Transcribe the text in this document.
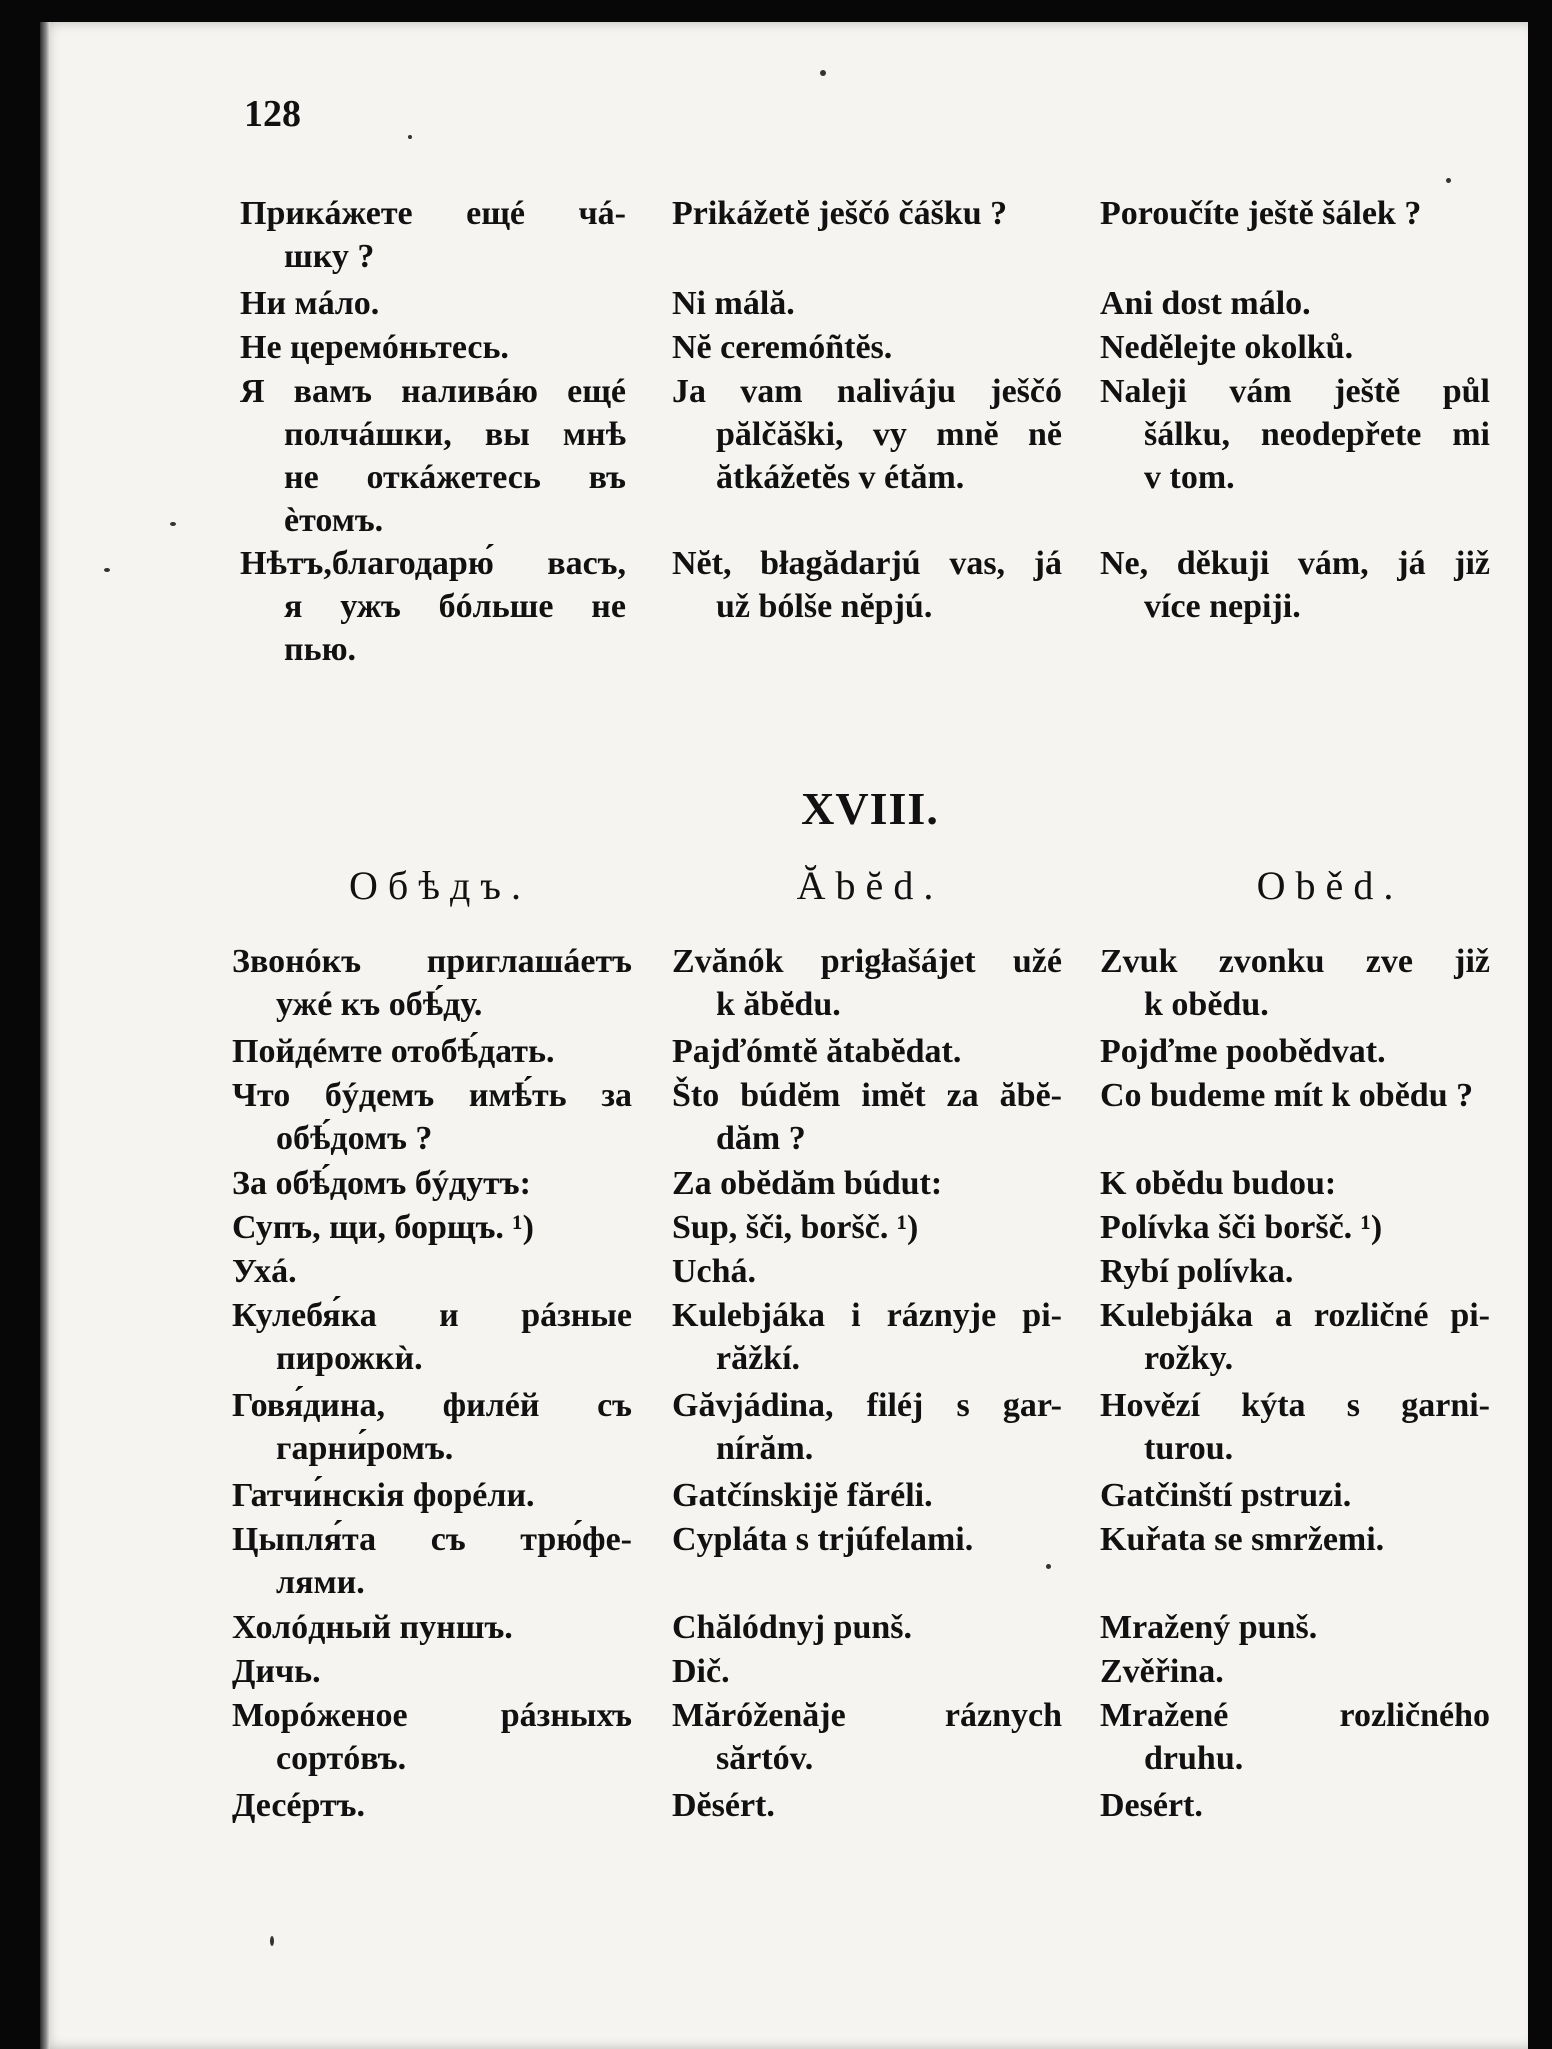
128
Прикáжете ещé чá-
шку ?
Ни мáло.
Не церемóньтесь.
Я вамъ наливáю ещé
полчáшки, вы мнѣ
не откáжетесь въ
ѐтомъ.
Нѣтъ,благодарю́ васъ,
я ужъ бóльше не
пью.
Prikážetĕ ješčó čášku ?
Ni málă.
Nĕ ceremóñtĕs.
Ja vam naliváju ješčó
pălčăški, vy mnĕ nĕ
ătkážetĕs v étăm.
Nĕt, błagădarjú vas, já
už bólše nĕpjú.
Poroučíte ještě šálek ?
Ani dost málo.
Nedělejte okolků.
Naleji vám ještě půl
šálku, neodepřete mi
v tom.
Ne, děkuji vám, já již
více nepiji.
XVIII.
Обѣдъ.	Ăbĕd.	Oběd.
Звонóкъ приглашáетъ
ужé къ обѣ́ду.
Пойдéмте отобѣ́дать.
Что бýдемъ имѣ́ть за
обѣ́домъ ?
За обѣ́домъ бýдутъ:
Супъ, щи, борщъ. ¹)
Ухá.
Кулебя́ка и рáзные
пирожкѝ.
Говя́дина, филéй съ
гарни́ромъ.
Гатчи́нскiя форéли.
Цыпля́та съ трю́фе-
лями.
Холóдный пуншъ.
Дичь.
Морóженое рáзныхъ
сортóвъ.
Десéртъ.
Zvănók prigłašájet užé
k ăbĕdu.
Pajďómtĕ ătabĕdat.
Što búdĕm imĕt za ăbĕ-
dăm ?
Za obĕdăm búdut:
Sup, šči, boršč. ¹)
Uchá.
Kulebjáka i ráznyje pi-
răžkí.
Găvjádina, filéj s gar-
nírăm.
Gatčínskijĕ făréli.
Cypláta s trjúfelami.
Chălódnyj punš.
Dič.
Măróženăje ráznych
sărtóv.
Dĕsért.
Zvuk zvonku zve již
k obědu.
Pojďme poobědvat.
Co budeme mít k obědu ?
K obědu budou:
Polívka šči boršč. ¹)
Rybí polívka.
Kulebjáka a rozličné pi-
rožky.
Hovězí kýta s garni-
turou.
Gatčinští pstruzi.
Kuřata se smržemi.
Mražený punš.
Zvěřina.
Mražené rozličného
druhu.
Desért.
